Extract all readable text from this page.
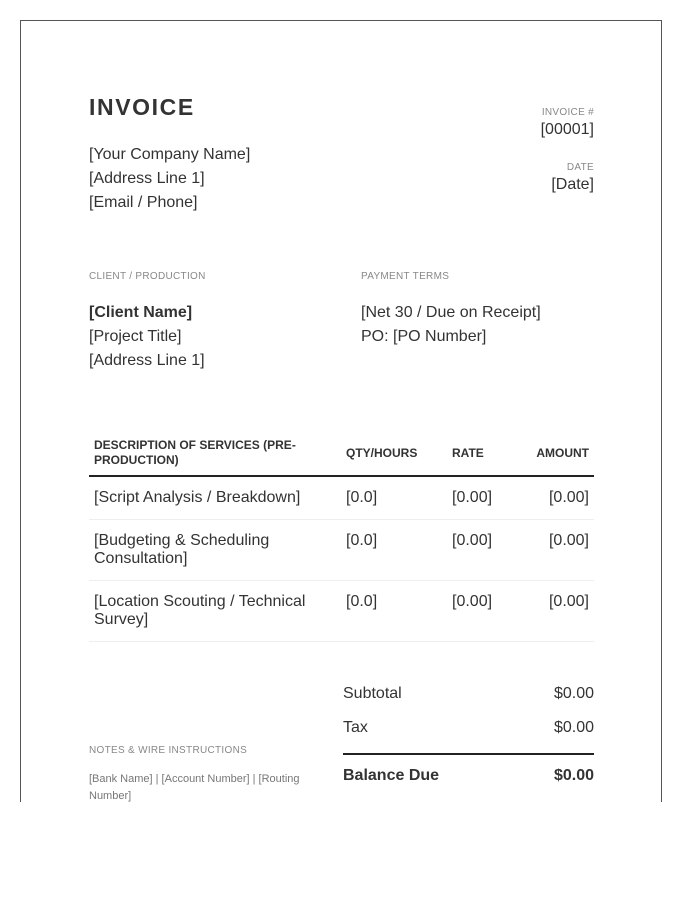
INVOICE
[Your Company Name]
[Address Line 1]
[Email / Phone]
INVOICE #
[00001]
DATE
[Date]
CLIENT / PRODUCTION	PAYMENT TERMS
[Client Name]
[Project Title]
[Address Line 1]
[Net 30 / Due on Receipt]
PO: [PO Number]
DESCRIPTION OF SERVICES (PRE-PRODUCTION)	QTY/HOURS	RATE	AMOUNT
[Script Analysis / Breakdown]	[0.0]	[0.00]	[0.00]
[Budgeting & Scheduling Consultation]	[0.0]	[0.00]	[0.00]
[Location Scouting / Technical Survey]	[0.0]	[0.00]	[0.00]
NOTES & WIRE INSTRUCTIONS
[Bank Name] | [Account Number] | [Routing Number]
Subtotal	$0.00
Tax	$0.00
Balance Due	$0.00
